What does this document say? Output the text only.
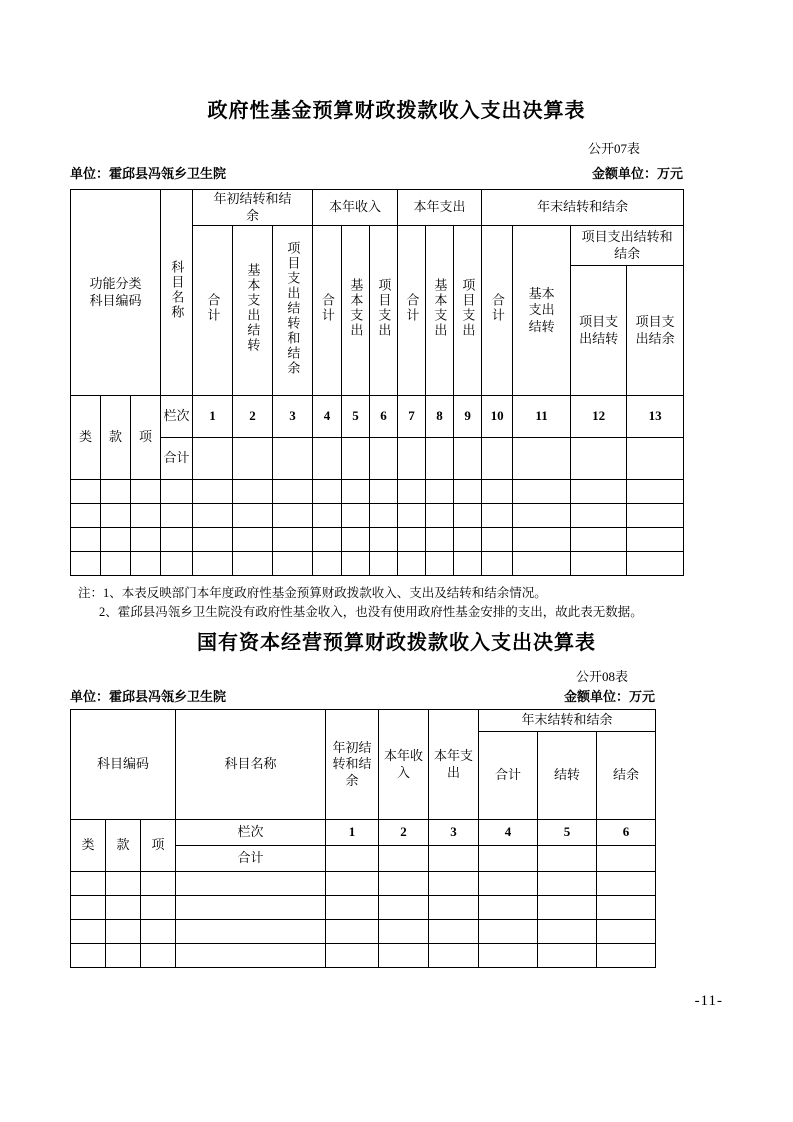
政府性基金预算财政拨款收入支出决算表
公开07表
单位：霍邱县冯瓴乡卫生院	金额单位：万元
功能分类科目编码			科目名称	年初结转和结余			本年收入			本年支出			年末结转和结余			
				合计	基本支出结转	项目支出结转和结余	合计	基本支出	项目支出	合计	基本支出	项目支出	合计	基本支出结转	项目支出结转和结余	
															项目支出结转	项目支出结余
类	款	项	栏次	1	2	3	4	5	6	7	8	9	10	11	12	13
			合计													

注：1、本表反映部门本年度政府性基金预算财政拨款收入、支出及结转和结余情况。
2、霍邱县冯瓴乡卫生院没有政府性基金收入，也没有使用政府性基金安排的支出，故此表无数据。
国有资本经营预算财政拨款收入支出决算表
公开08表
单位：霍邱县冯瓴乡卫生院	金额单位：万元
科目编码			科目名称	年初结转和结余	本年收入	本年支出	年末结转和结余		
							合计	结转	结余
类	款	项	栏次	1	2	3	4	5	6
			合计						

-11-
